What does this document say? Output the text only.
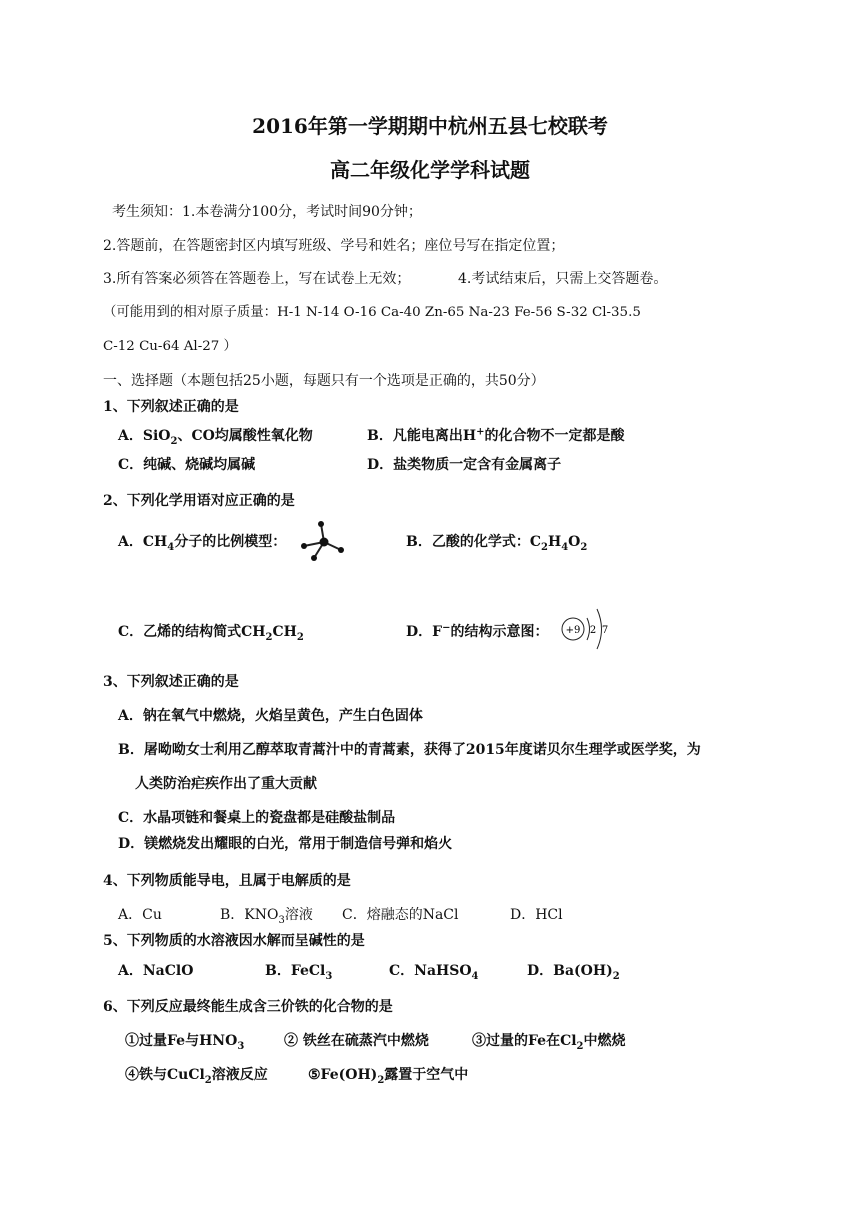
2016年第一学期期中杭州五县七校联考
高二年级化学学科试题
考生须知：1.本卷满分100分，考试时间90分钟；
2.答题前，在答题密封区内填写班级、学号和姓名；座位号写在指定位置；
3.所有答案必须答在答题卷上，写在试卷上无效；	4.考试结束后，只需上交答题卷。
（可能用到的相对原子质量：H-1 N-14 O-16 Ca-40 Zn-65 Na-23 Fe-56 S-32 Cl-35.5
C-12 Cu-64 Al-27 ）
一、选择题（本题包括25小题，每题只有一个选项是正确的，共50分）
1、下列叙述正确的是
A．SiO$_2$、CO均属酸性氧化物	B．凡能电离出H+的化合物不一定都是酸
C．纯碱、烧碱均属碱	D．盐类物质一定含有金属离子
2、下列化学用语对应正确的是
A．$CH_4$分子的比例模型：	B．乙酸的化学式：$C_2H_4O_2$
C．乙烯的结构简式$CH_2CH_2$	D．F−的结构示意图： +9 2 7
3、下列叙述正确的是
A．钠在氧气中燃烧，火焰呈黄色，产生白色固体
B．屠呦呦女士利用乙醇萃取青蒿汁中的青蒿素，获得了2015年度诺贝尔生理学或医学奖，为
人类防治疟疾作出了重大贡献
C．水晶项链和餐桌上的瓷盘都是硅酸盐制品
D．镁燃烧发出耀眼的白光，常用于制造信号弹和焰火
4、下列物质能导电，且属于电解质的是
A．Cu	B．$KNO_3$溶液 C．熔融态的NaCl	D．HCl
5、下列物质的水溶液因水解而呈碱性的是
A．NaClO	B．FeCl$_3$	C．NaHSO$_4$	D．$Ba(OH)_2$
6、下列反应最终能生成含三价铁的化合物的是
①过量Fe与$HNO_3$	② 铁丝在硫蒸汽中燃烧	③过量的Fe在$Cl_2$中燃烧
④铁与CuCl$_2$溶液反应	$⑤Fe(OH)_2$露置于空气中
